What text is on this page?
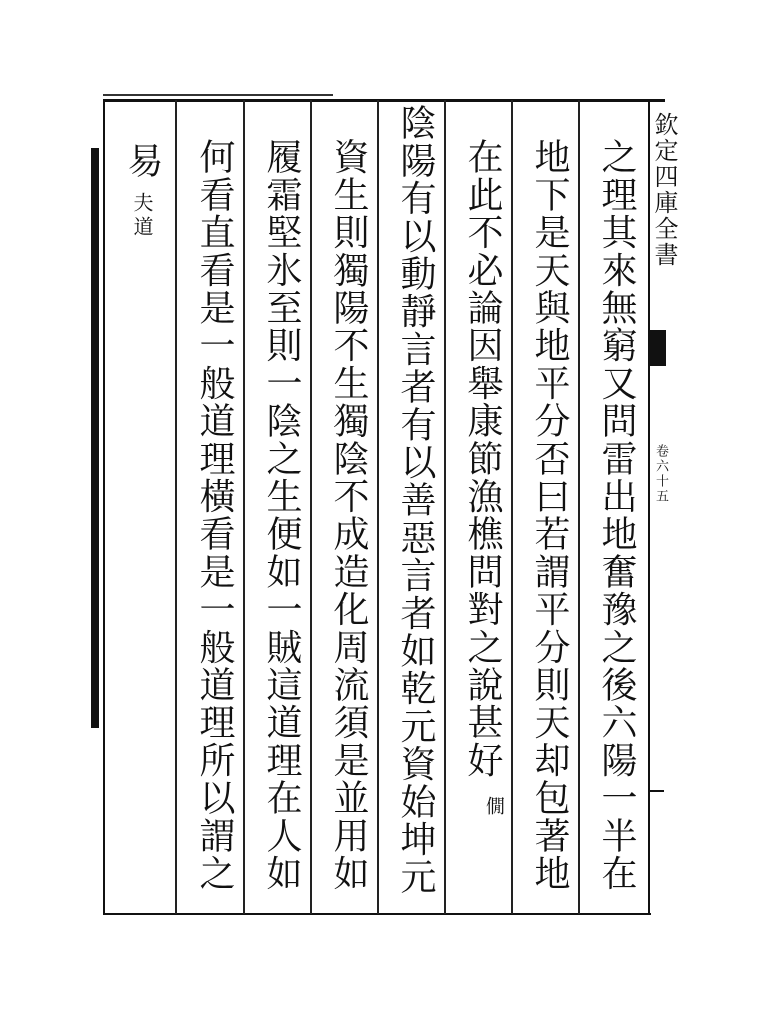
欽定四庫全書
卷六十五
之理其來無窮又問雷出地奮豫之後六陽一半在
地下是天與地平分否曰若謂平分則天却包著地
在此不必論因舉康節漁樵問對之說甚好
僩
陰陽有以動靜言者有以善惡言者如乾元資始坤元
資生則獨陽不生獨陰不成造化周流須是並用如
履霜堅氷至則一陰之生便如一賊這道理在人如
何看直看是一般道理橫看是一般道理所以謂之
易
夫道
